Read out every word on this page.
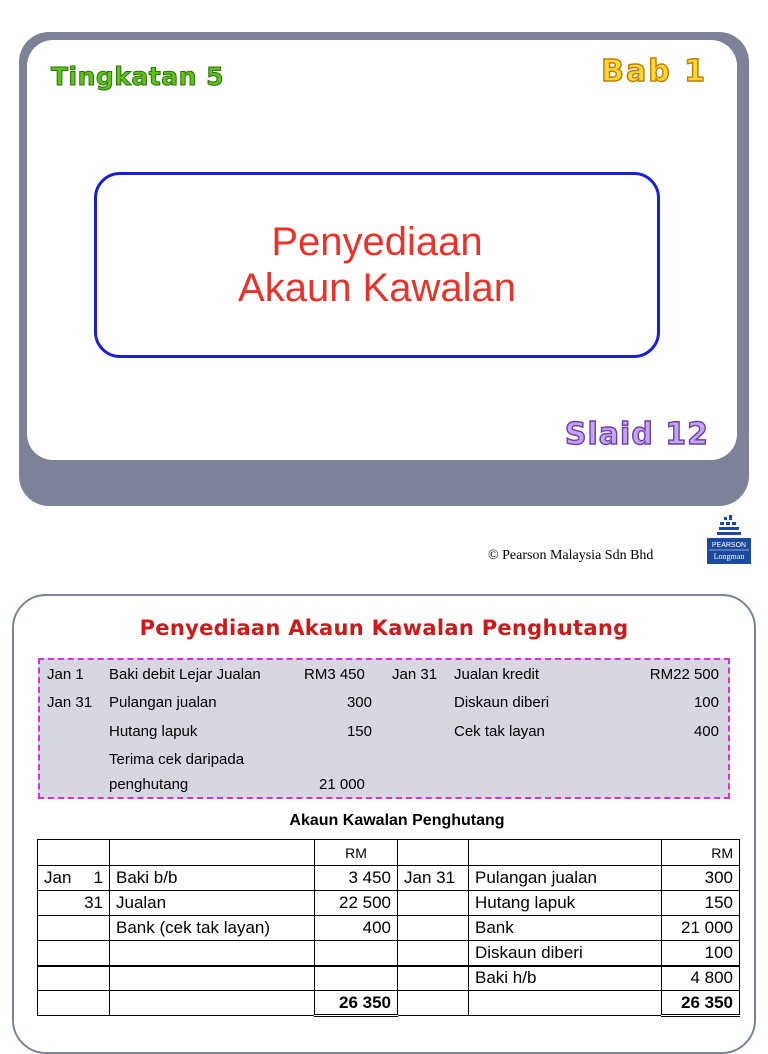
Tingkatan 5	Bab 1
Penyediaan
Akaun Kawalan
Slaid 12
© Pearson Malaysia Sdn Bhd
PEARSON
Longman
Penyediaan Akaun Kawalan Penghutang
Jan 1 Baki debit Lejar Jualan	RM3 450 Jan 31 Jualan kredit	RM22 500
Jan 31 Pulangan jualan	300	Diskaun diberi	100
Hutang lapuk	150	Cek tak layan	400
Terima cek daripada
penghutang	21 000
Akaun Kawalan Penghutang
		RM			RM
Jan 1	Baki b/b	3 450	Jan 31	Pulangan jualan	300
31	Jualan	22 500		Hutang lapuk	150
	Bank (cek tak layan)	400		Bank	21 000
				Diskaun diberi	100
				Baki h/b	4 800
		26 350			26 350
